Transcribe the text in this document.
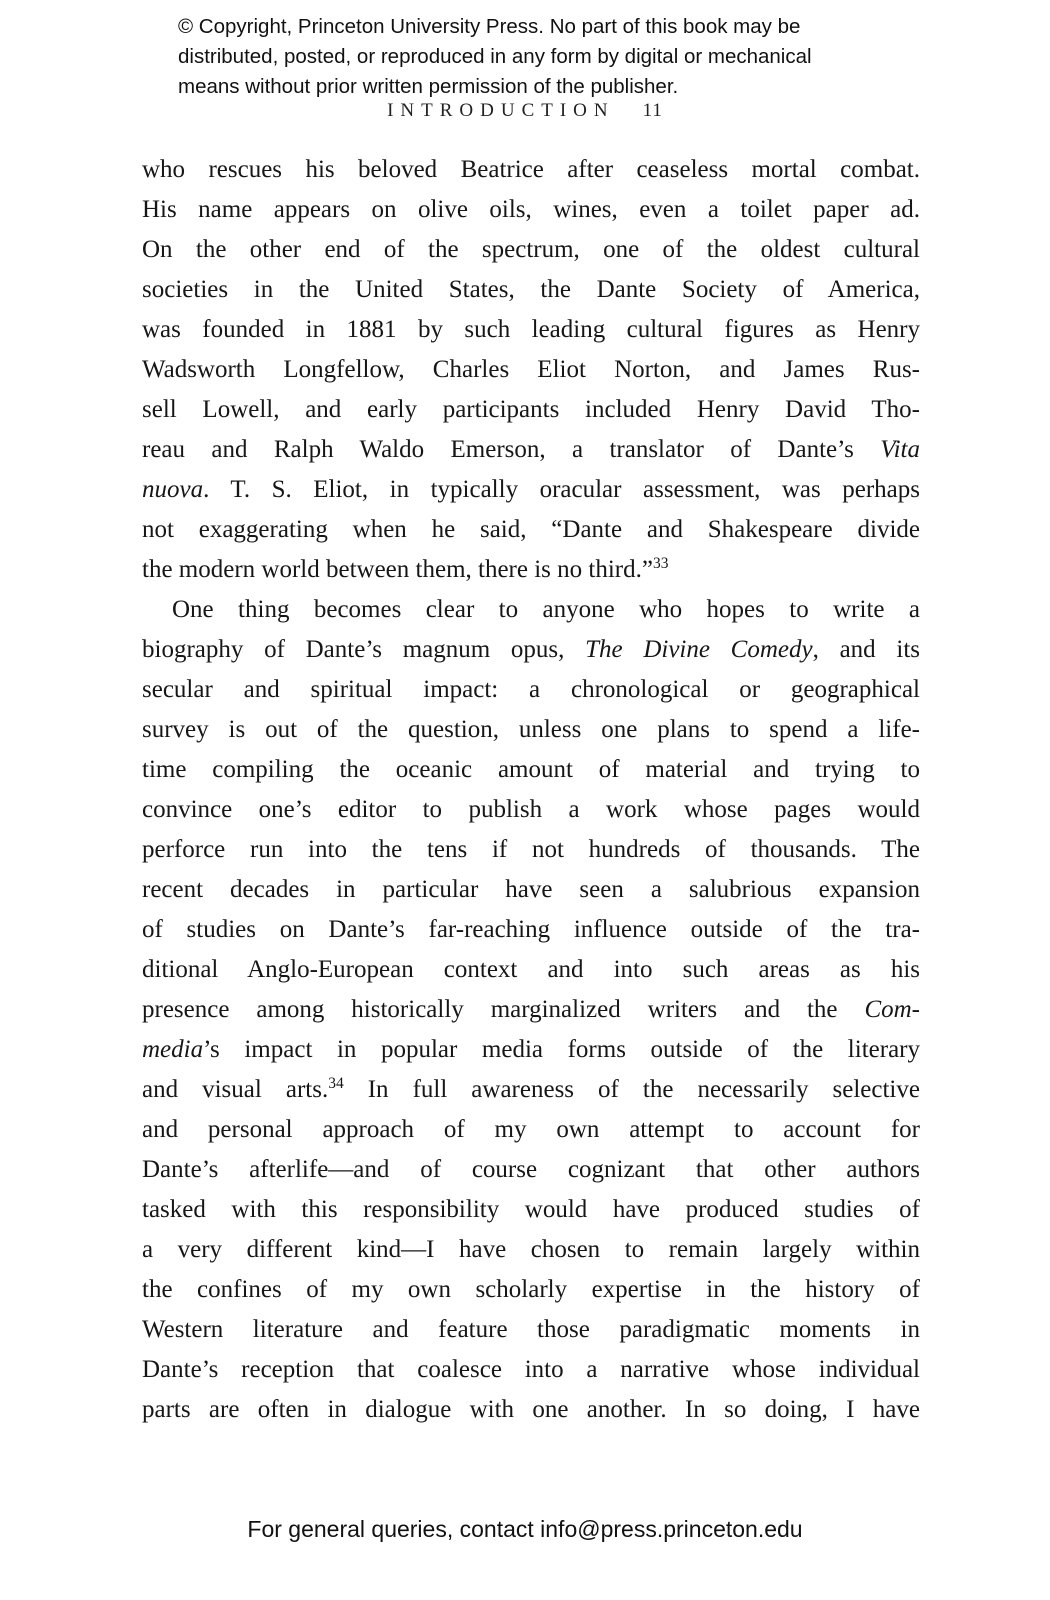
© Copyright, Princeton University Press. No part of this book may be
distributed, posted, or reproduced in any form by digital or mechanical
means without prior written permission of the publisher.
INTRODUCTION 11
who rescues his beloved Beatrice after ceaseless mortal combat.
His name appears on olive oils, wines, even a toilet paper ad.
On the other end of the spectrum, one of the oldest cultural
societies in the United States, the Dante Society of America,
was founded in 1881 by such leading cultural figures as Henry
Wadsworth Longfellow, Charles Eliot Norton, and James Rus-
sell Lowell, and early participants included Henry David Tho-
reau and Ralph Waldo Emerson, a translator of Dante’s Vita
nuova. T. S. Eliot, in typically oracular assessment, was perhaps
not exaggerating when he said, “Dante and Shakespeare divide
the modern world between them, there is no third.”$^{33}$
One thing becomes clear to anyone who hopes to write a
biography of Dante’s magnum opus, The Divine Comedy, and its
secular and spiritual impact: a chronological or geographical
survey is out of the question, unless one plans to spend a life-
time compiling the oceanic amount of material and trying to
convince one’s editor to publish a work whose pages would
perforce run into the tens if not hundreds of thousands. The
recent decades in particular have seen a salubrious expansion
of studies on Dante’s far-reaching influence outside of the tra-
ditional Anglo-European context and into such areas as his
presence among historically marginalized writers and the Com-
media’s impact in popular media forms outside of the literary
and visual arts.$^{34}$ In full awareness of the necessarily selective
and personal approach of my own attempt to account for
Dante’s afterlife—and of course cognizant that other authors
tasked with this responsibility would have produced studies of
a very different kind—I have chosen to remain largely within
the confines of my own scholarly expertise in the history of
Western literature and feature those paradigmatic moments in
Dante’s reception that coalesce into a narrative whose individual
parts are often in dialogue with one another. In so doing, I have
For general queries, contact info@press.princeton.edu
